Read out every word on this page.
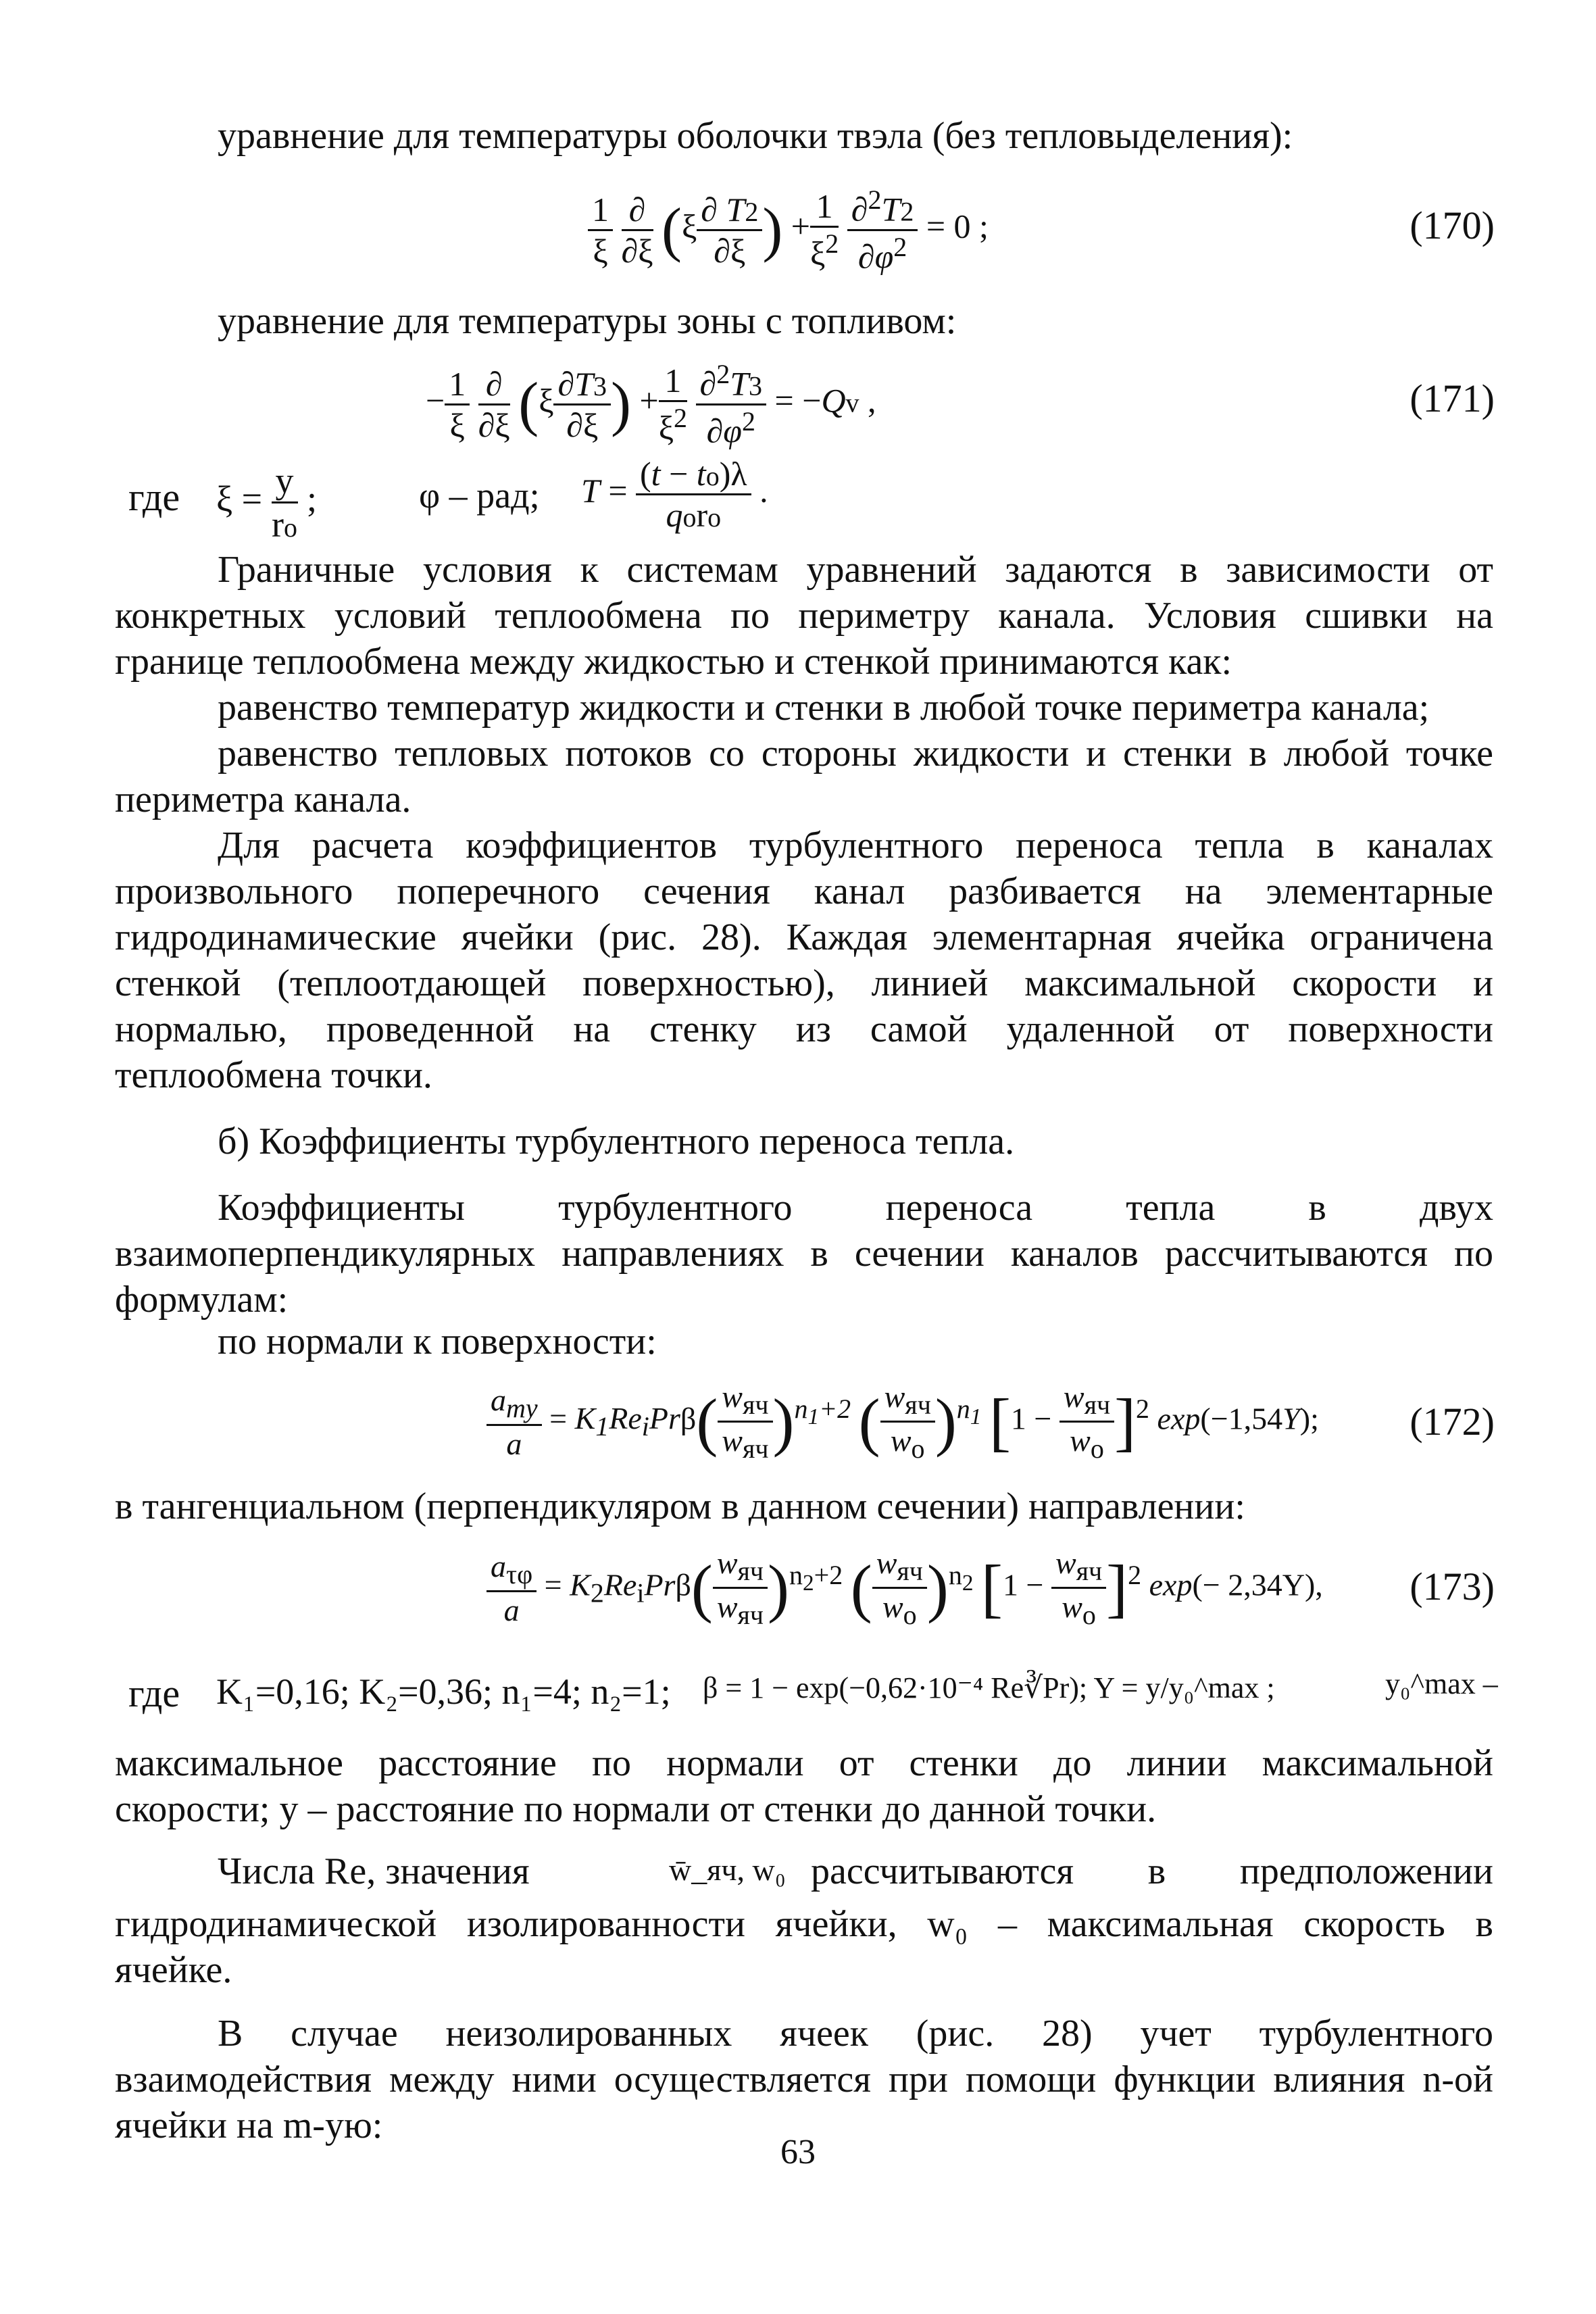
уравнение для температуры оболочки твэла (без тепловыделения):
$\frac{1}{\xi}$
$\frac{\partial}{\partial\xi} (\xi \frac{\partial T2}{\partial\xi}$ ) + $\frac{1}{\xi^2}$
$\frac{\partial^2T2}{\partial\varphi^2} = 0$ ;	(170)
уравнение для температуры зоны с топливом:
− $\frac{1}{\xi}$
$\frac{\partial}{\partial\xi} (\xi \frac{\partial T3}{\partial\xi}$ ) + $\frac{1}{\xi^2}$
$\frac{\partial^2T3}{\partial\varphi^2} = -Qv$ ,	(171)
где $\xi = \frac{y}{ro}$ ;	φ – рад; $T = \frac{(t - to)\lambda}{\text{qoro}}$ .
Граничные условия к системам уравнений задаются в зависимости от
конкретных условий теплообмена по периметру канала. Условия сшивки на
границе теплообмена между жидкостью и стенкой принимаются как:
равенство температур жидкости и стенки в любой точке периметра канала;
равенство тепловых потоков со стороны жидкости и стенки в любой точке
периметра канала.
Для расчета коэффициентов турбулентного переноса тепла в каналах
произвольного поперечного сечения канал разбивается на элементарные
гидродинамические ячейки (рис. 28). Каждая элементарная ячейка ограничена
стенкой (теплоотдающей поверхностью), линией максимальной скорости и
нормалью, проведенной на стенку из самой удаленной от поверхности
теплообмена точки.
б) Коэффициенты турбулентного переноса тепла.
Коэффициенты турбулентного переноса тепла в двух
взаимоперпендикулярных направлениях в сечении каналов рассчитываются по
формулам:
по нормали к поверхности:
$\frac{a_{my}}{a} = K_1Re_iPr\beta( \frac{w_{яч}}{w_{яч}} )^{n_1+2}$ ( $\frac{w_{яч}}{w_o} )^{n_1}$ $[1 - \frac{w_{яч}}{w_o} ]^2$ exp(−1,54Y); (172)
в тангенциальном (перпендикуляром в данном сечении) направлении:
$\frac{a_{\tau\varphi}}{a} = K_2Re_iPr\beta( \frac{w_{яч}}{w_{яч}} )^{n_2+2}$ ( $\frac{w_{яч}}{w_o} )^{n_2}$ $[1 - \frac{w_{яч}}{w_o} ]^2$ exp(− 2,34Y), (173)
где K₁=0,16; K₂=0,36; n₁=4; n₂=1; β = 1 − exp(−0,62·10⁻⁴ Re∛Pr); Y = y/y₀^max ;	y₀^max –
максимальное расстояние по нормали от стенки до линии максимальной
скорости; y – расстояние по нормали от стенки до данной точки.
Числа Re, значения	w̄_яч, w₀ рассчитываются в предположении
гидродинамической изолированности ячейки, w₀ – максимальная скорость в
ячейке.
В случае неизолированных ячеек (рис. 28) учет турбулентного
взаимодействия между ними осуществляется при помощи функции влияния n-ой
ячейки на m-ую:
63
